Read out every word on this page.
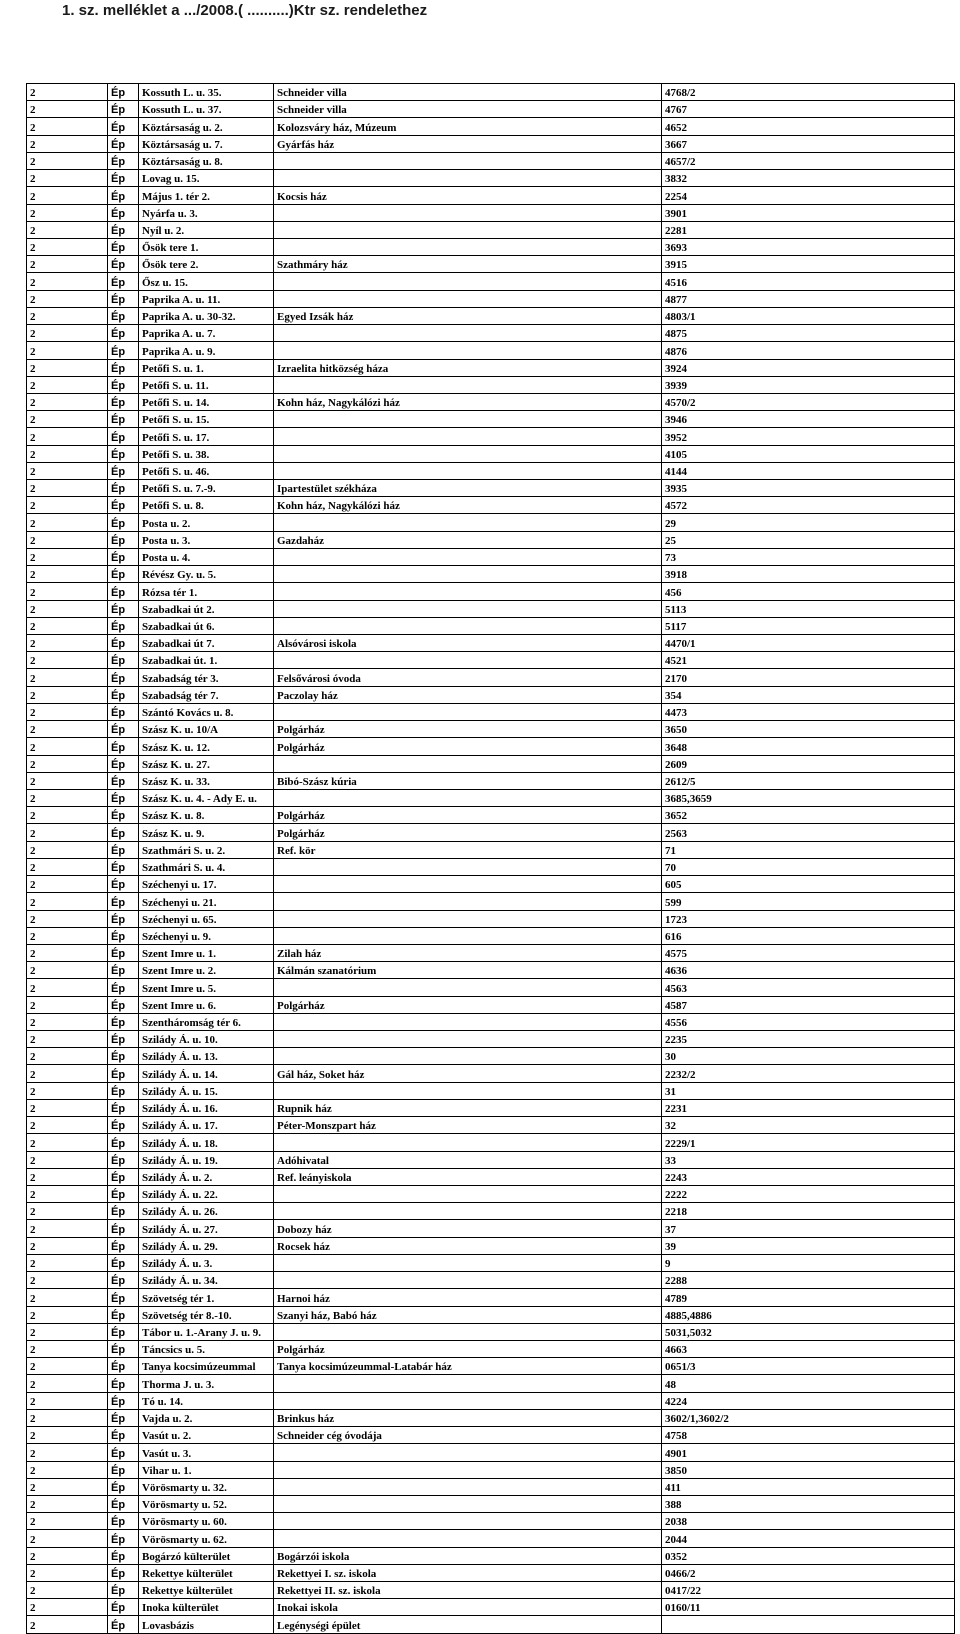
1. sz. melléklet a .../2008.( ..........)Ktr sz. rendelethez
2	Ép	Kossuth L. u. 35.	Schneider villa	4768/2
2	Ép	Kossuth L. u. 37.	Schneider villa	4767
2	Ép	Köztársaság u. 2.	Kolozsváry ház, Múzeum	4652
2	Ép	Köztársaság u. 7.	Gyárfás ház	3667
2	Ép	Köztársaság u. 8.		4657/2
2	Ép	Lovag u. 15.		3832
2	Ép	Május 1. tér 2.	Kocsis ház	2254
2	Ép	Nyárfa u. 3.		3901
2	Ép	Nyíl u. 2.		2281
2	Ép	Ősök tere 1.		3693
2	Ép	Ősök tere 2.	Szathmáry ház	3915
2	Ép	Ősz u. 15.		4516
2	Ép	Paprika A. u. 11.		4877
2	Ép	Paprika A. u. 30-32.	Egyed Izsák ház	4803/1
2	Ép	Paprika A. u. 7.		4875
2	Ép	Paprika A. u. 9.		4876
2	Ép	Petőfi S. u. 1.	Izraelita hitközség háza	3924
2	Ép	Petőfi S. u. 11.		3939
2	Ép	Petőfi S. u. 14.	Kohn ház, Nagykálózi ház	4570/2
2	Ép	Petőfi S. u. 15.		3946
2	Ép	Petőfi S. u. 17.		3952
2	Ép	Petőfi S. u. 38.		4105
2	Ép	Petőfi S. u. 46.		4144
2	Ép	Petőfi S. u. 7.-9.	Ipartestület székháza	3935
2	Ép	Petőfi S. u. 8.	Kohn ház, Nagykálózi ház	4572
2	Ép	Posta u. 2.		29
2	Ép	Posta u. 3.	Gazdaház	25
2	Ép	Posta u. 4.		73
2	Ép	Révész Gy. u. 5.		3918
2	Ép	Rózsa tér 1.		456
2	Ép	Szabadkai út 2.		5113
2	Ép	Szabadkai út 6.		5117
2	Ép	Szabadkai út 7.	Alsóvárosi iskola	4470/1
2	Ép	Szabadkai út. 1.		4521
2	Ép	Szabadság tér 3.	Felsővárosi óvoda	2170
2	Ép	Szabadság tér 7.	Paczolay ház	354
2	Ép	Szántó Kovács u. 8.		4473
2	Ép	Szász K. u. 10/A	Polgárház	3650
2	Ép	Szász K. u. 12.	Polgárház	3648
2	Ép	Szász K. u. 27.		2609
2	Ép	Szász K. u. 33.	Bibó-Szász kúria	2612/5
2	Ép	Szász K. u. 4. - Ady E. u.		3685,3659
2	Ép	Szász K. u. 8.	Polgárház	3652
2	Ép	Szász K. u. 9.	Polgárház	2563
2	Ép	Szathmári S. u. 2.	Ref. kör	71
2	Ép	Szathmári S. u. 4.		70
2	Ép	Széchenyi u. 17.		605
2	Ép	Széchenyi u. 21.		599
2	Ép	Széchenyi u. 65.		1723
2	Ép	Széchenyi u. 9.		616
2	Ép	Szent Imre u. 1.	Zilah ház	4575
2	Ép	Szent Imre u. 2.	Kálmán szanatórium	4636
2	Ép	Szent Imre u. 5.		4563
2	Ép	Szent Imre u. 6.	Polgárház	4587
2	Ép	Szentháromság tér 6.		4556
2	Ép	Szilády Á. u. 10.		2235
2	Ép	Szilády Á. u. 13.		30
2	Ép	Szilády Á. u. 14.	Gál ház, Soket ház	2232/2
2	Ép	Szilády Á. u. 15.		31
2	Ép	Szilády Á. u. 16.	Rupnik ház	2231
2	Ép	Szilády Á. u. 17.	Péter-Monszpart ház	32
2	Ép	Szilády Á. u. 18.		2229/1
2	Ép	Szilády Á. u. 19.	Adóhivatal	33
2	Ép	Szilády Á. u. 2.	Ref. leányiskola	2243
2	Ép	Szilády Á. u. 22.		2222
2	Ép	Szilády Á. u. 26.		2218
2	Ép	Szilády Á. u. 27.	Dobozy ház	37
2	Ép	Szilády Á. u. 29.	Rocsek ház	39
2	Ép	Szilády Á. u. 3.		9
2	Ép	Szilády Á. u. 34.		2288
2	Ép	Szövetség tér 1.	Harnoi ház	4789
2	Ép	Szövetség tér 8.-10.	Szanyi ház, Babó ház	4885,4886
2	Ép	Tábor u. 1.-Arany J. u. 9.		5031,5032
2	Ép	Táncsics u. 5.	Polgárház	4663
2	Ép	Tanya kocsimúzeummal	Tanya kocsimúzeummal-Latabár ház	0651/3
2	Ép	Thorma J. u. 3.		48
2	Ép	Tó u. 14.		4224
2	Ép	Vajda u. 2.	Brinkus ház	3602/1,3602/2
2	Ép	Vasút u. 2.	Schneider cég óvodája	4758
2	Ép	Vasút u. 3.		4901
2	Ép	Vihar u. 1.		3850
2	Ép	Vörösmarty u. 32.		411
2	Ép	Vörösmarty u. 52.		388
2	Ép	Vörösmarty u. 60.		2038
2	Ép	Vörösmarty u. 62.		2044
2	Ép	Bogárzó külterület	Bogárzói iskola	0352
2	Ép	Rekettye külterület	Rekettyei I. sz. iskola	0466/2
2	Ép	Rekettye külterület	Rekettyei II. sz. iskola	0417/22
2	Ép	Inoka külterület	Inokai iskola	0160/11
2	Ép	Lovasbázis	Legénységi épület	
